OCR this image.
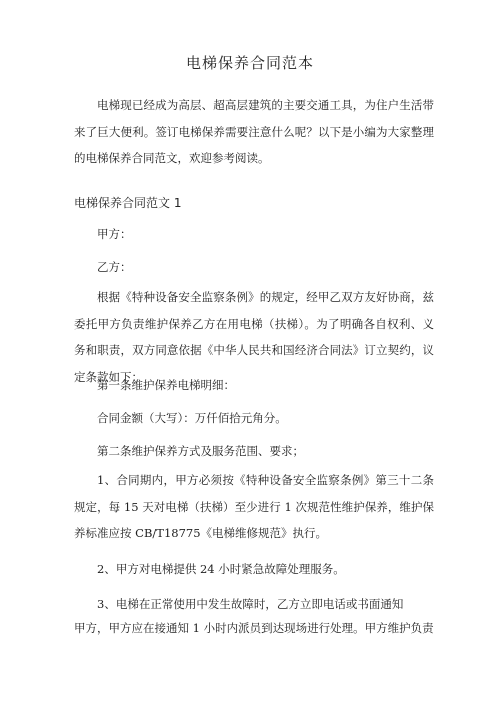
电梯保养合同范本
电梯现已经成为高层、超高层建筑的主要交通工具，为住户生活带来了巨大便利。签订电梯保养需要注意什么呢？以下是小编为大家整理的电梯保养合同范文，欢迎参考阅读。
电梯保养合同范文 1
甲方：
乙方：
根据《特种设备安全监察条例》的规定，经甲乙双方友好协商，兹委托甲方负责维护保养乙方在用电梯（扶梯）。为了明确各自权利、义务和职责，双方同意依据《中华人民共和国经济合同法》订立契约，议定条款如下：
第一条维护保养电梯明细：
合同金额（大写）：万仟佰拾元角分。
第二条维护保养方式及服务范围、要求；
1、合同期内，甲方必须按《特种设备安全监察条例》第三十二条规定，每 15 天对电梯（扶梯）至少进行 1 次规范性维护保养，维护保养标准应按 CB/T18775《电梯维修规范》执行。
2、甲方对电梯提供 24 小时紧急故障处理服务。
3、电梯在正常使用中发生故障时，乙方立即电话或书面通知
甲方，甲方应在接通知 1 小时内派员到达现场进行处理。甲方维护负责
